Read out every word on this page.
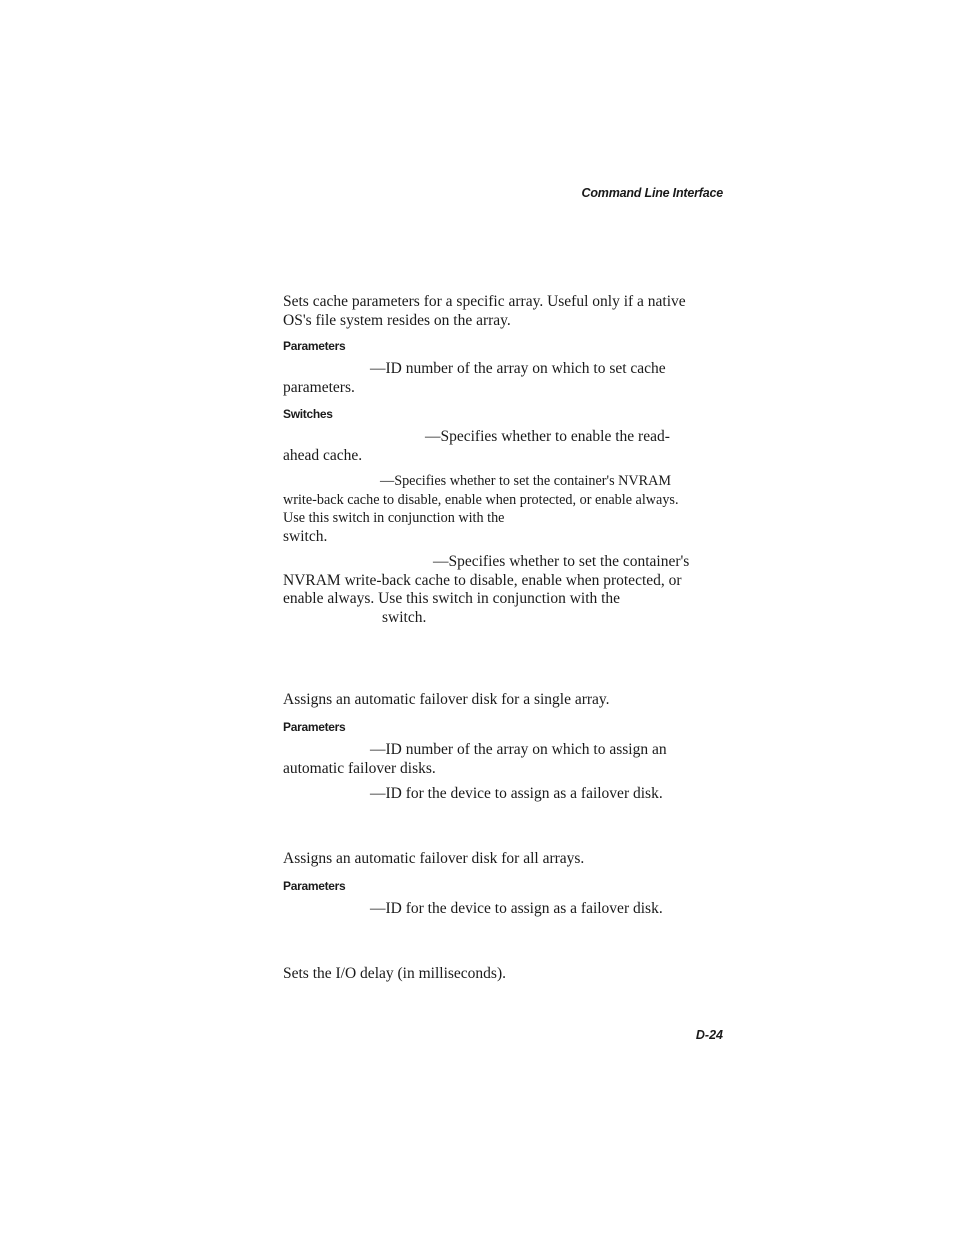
Command Line Interface
Sets cache parameters for a specific array. Useful only if a native
OS's file system resides on the array.
Parameters
—ID number of the array on which to set cache
parameters.
Switches
—Specifies whether to enable the read-
ahead cache.
—Specifies whether to set the container's NVRAM
write-back cache to disable, enable when protected, or enable always.
Use this switch in conjunction with the
switch.
—Specifies whether to set the container's
NVRAM write-back cache to disable, enable when protected, or
enable always. Use this switch in conjunction with the
switch.
Assigns an automatic failover disk for a single array.
Parameters
—ID number of the array on which to assign an
automatic failover disks.
—ID for the device to assign as a failover disk.
Assigns an automatic failover disk for all arrays.
Parameters
—ID for the device to assign as a failover disk.
Sets the I/O delay (in milliseconds).
D-24
